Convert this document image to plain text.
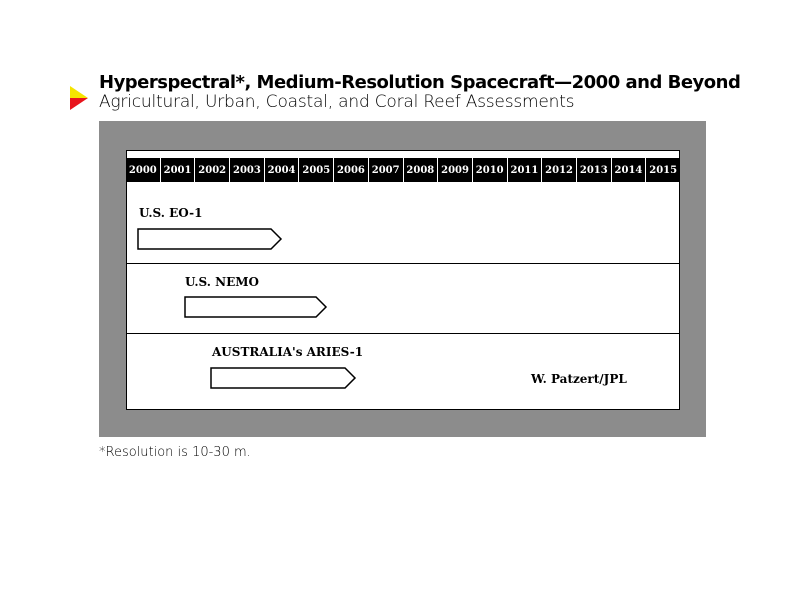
Hyperspectral*, Medium-Resolution Spacecraft—2000 and Beyond
Agricultural, Urban, Coastal, and Coral Reef Assessments
2000 2001 2002 2003 2004 2005 2006 2007 2008 2009 2010 2011 2012 2013 2014 2015
U.S. EO-1
U.S. NEMO
AUSTRALIA's ARIES-1
W. Patzert/JPL
*Resolution is 10-30 m.
